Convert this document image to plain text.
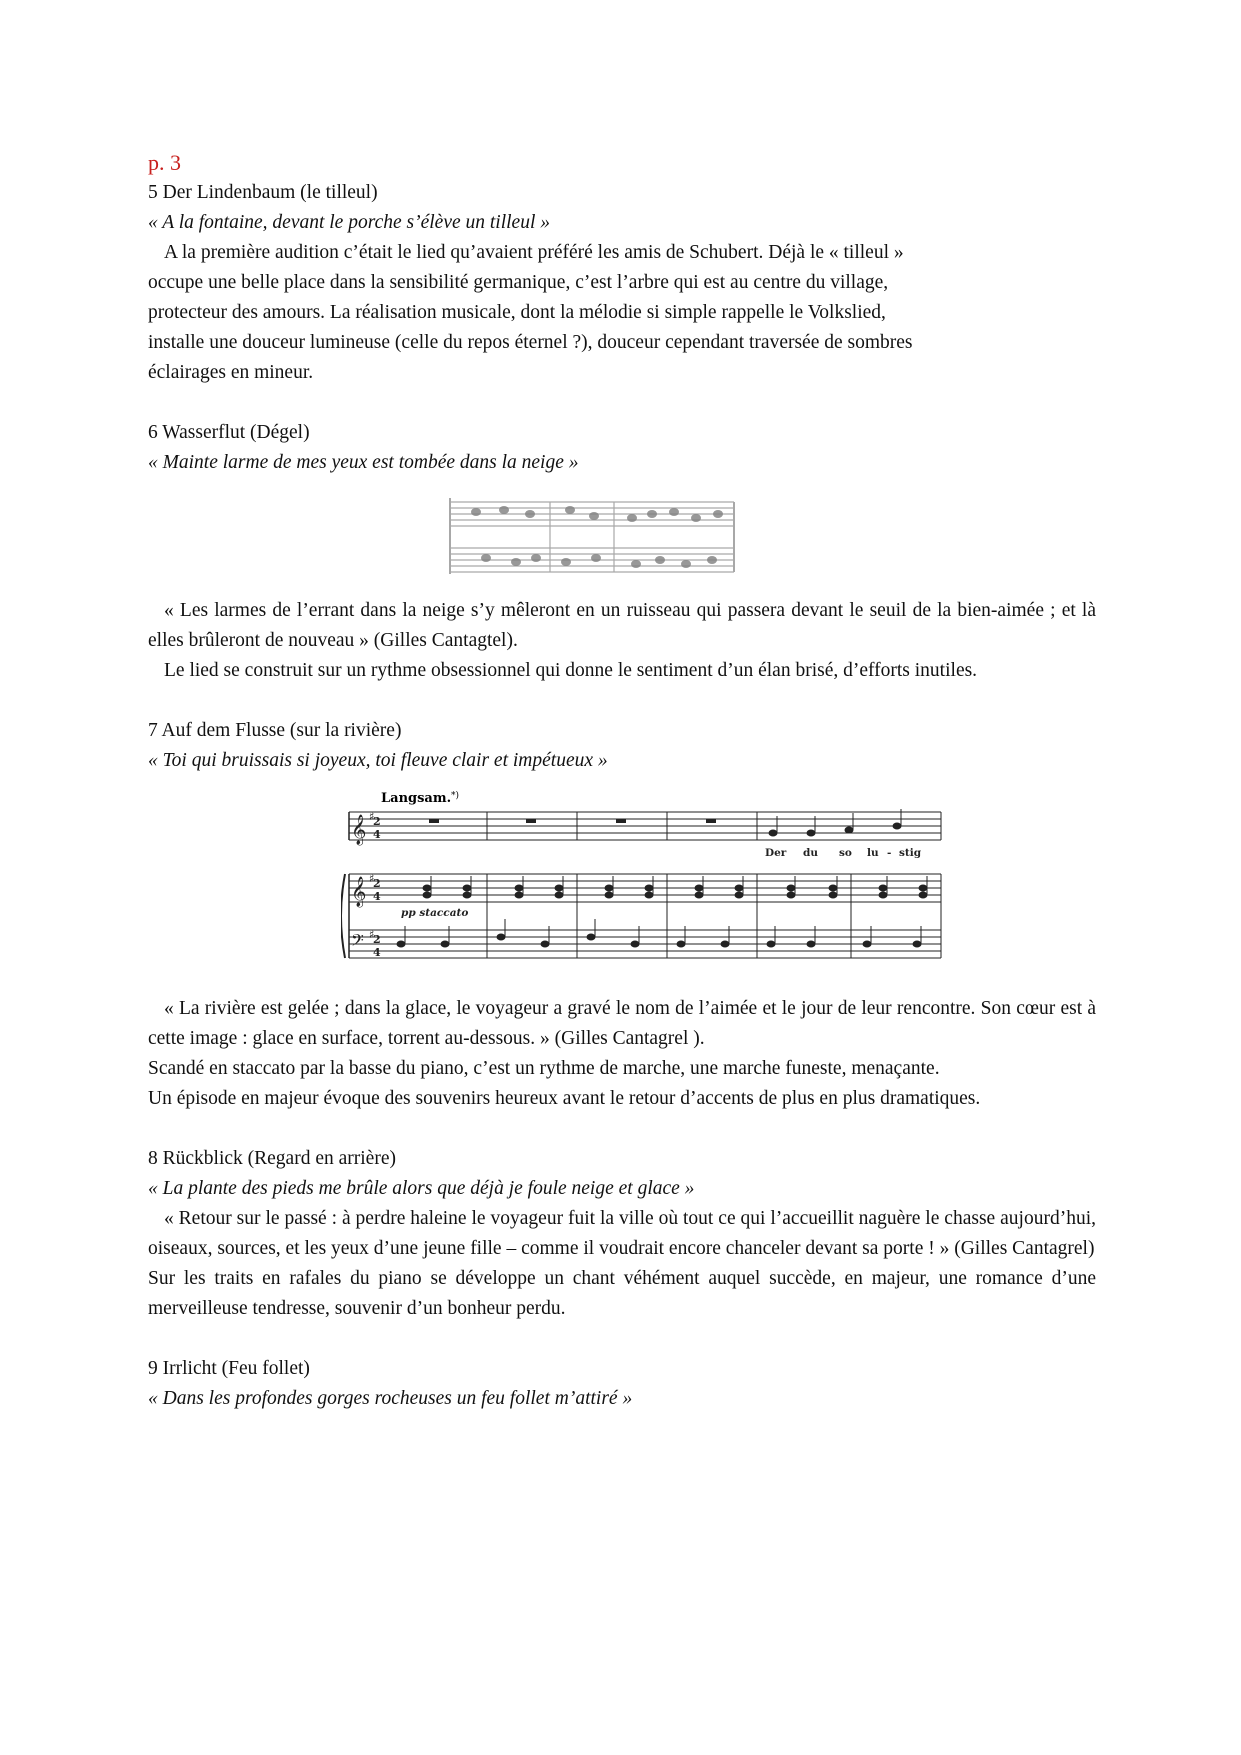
p. 3
5 Der Lindenbaum (le tilleul)
« A la fontaine, devant le porche s’élève un tilleul »
A la première audition c’était le lied qu’avaient préféré les amis de Schubert. Déjà le « tilleul »
occupe une belle place dans la sensibilité germanique, c’est l’arbre qui est au centre du village,
protecteur des amours. La réalisation musicale, dont la mélodie si simple rappelle le Volkslied,
installe une douceur lumineuse (celle du repos éternel ?), douceur cependant traversée de sombres
éclairages en mineur.
6 Wasserflut (Dégel)
« Mainte larme de mes yeux est tombée dans la neige »
« Les larmes de l’errant dans la neige s’y mêleront en un ruisseau qui passera devant le seuil de la bien-aimée ; et là elles brûleront de nouveau » (Gilles Cantagtel).
Le lied se construit sur un rythme obsessionnel qui donne le sentiment d’un élan brisé, d’efforts inutiles.
7 Auf dem Flusse (sur la rivière)
« Toi qui bruissais si joyeux, toi fleuve clair et impétueux »
Langsam. *)
𝄞
𝄞
𝄢
2
4
2
4
2
4
♯
♯
♯
Der du so lu - stig
pp staccato
« La rivière est gelée ; dans la glace, le voyageur a gravé le nom de l’aimée et le jour de leur rencontre. Son cœur est à cette image : glace en surface, torrent au-dessous. » (Gilles Cantagrel ).
Scandé en staccato par la basse du piano, c’est un rythme de marche, une marche funeste, menaçante.
Un épisode en majeur évoque des souvenirs heureux avant le retour d’accents de plus en plus dramatiques.
8 Rückblick (Regard en arrière)
« La plante des pieds me brûle alors que déjà je foule neige et glace »
« Retour sur le passé : à perdre haleine le voyageur fuit la ville où tout ce qui l’accueillit naguère le chasse aujourd’hui, oiseaux, sources, et les yeux d’une jeune fille – comme il voudrait encore chanceler devant sa porte ! » (Gilles Cantagrel)
Sur les traits en rafales du piano se développe un chant véhément auquel succède, en majeur, une romance d’une merveilleuse tendresse, souvenir d’un bonheur perdu.
9 Irrlicht (Feu follet)
« Dans les profondes gorges rocheuses un feu follet m’attiré »
